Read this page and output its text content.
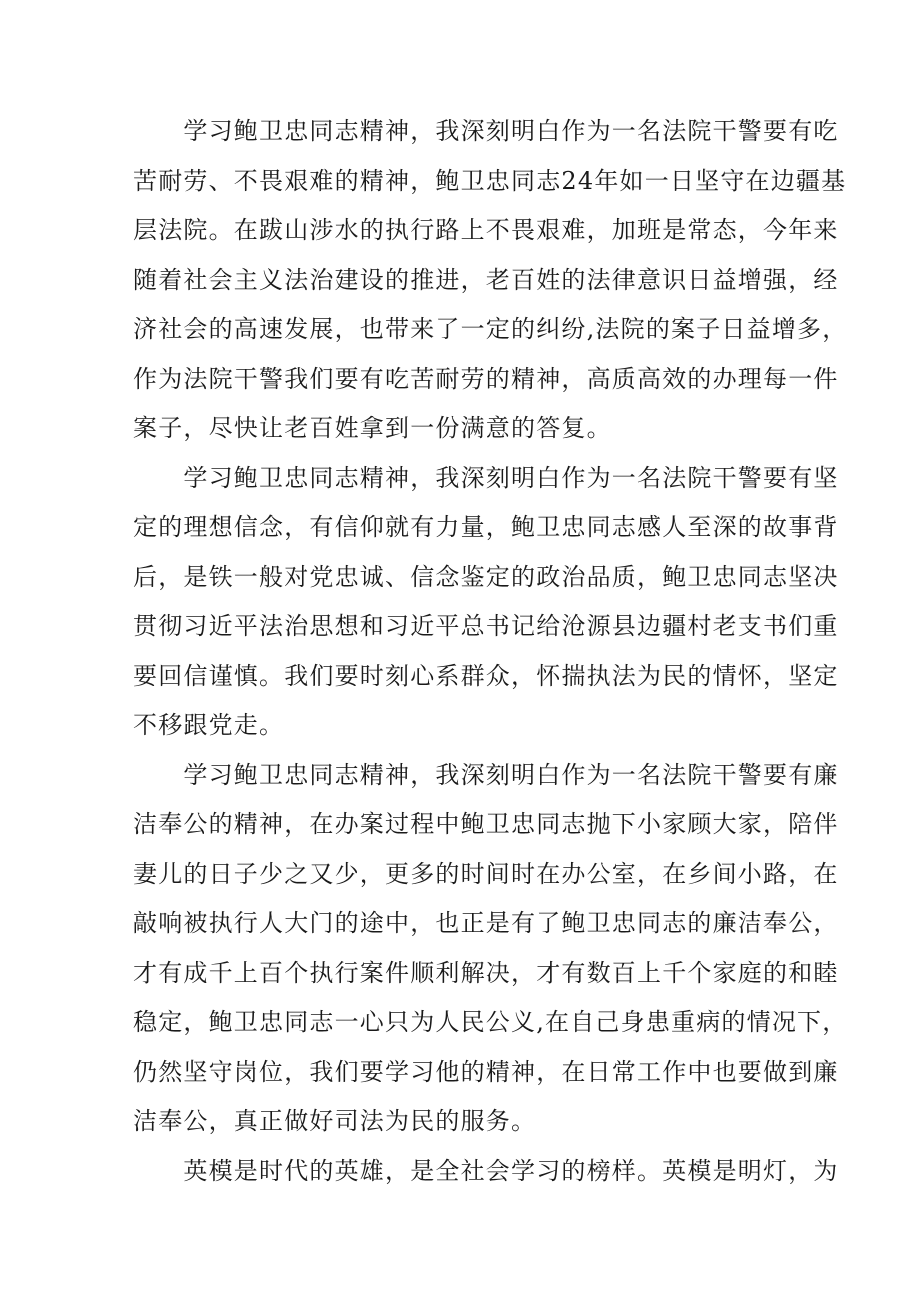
　　学习鲍卫忠同志精神，我深刻明白作为一名法院干警要有吃
苦耐劳、不畏艰难的精神，鲍卫忠同志24年如一日坚守在边疆基
层法院。在跋山涉水的执行路上不畏艰难，加班是常态，今年来
随着社会主义法治建设的推进，老百姓的法律意识日益增强，经
济社会的高速发展，也带来了一定的纠纷,法院的案子日益增多，
作为法院干警我们要有吃苦耐劳的精神，高质高效的办理每一件
案子，尽快让老百姓拿到一份满意的答复。
　　学习鲍卫忠同志精神，我深刻明白作为一名法院干警要有坚
定的理想信念，有信仰就有力量，鲍卫忠同志感人至深的故事背
后，是铁一般对党忠诚、信念鉴定的政治品质，鲍卫忠同志坚决
贯彻习近平法治思想和习近平总书记给沧源县边疆村老支书们重
要回信谨慎。我们要时刻心系群众，怀揣执法为民的情怀，坚定
不移跟党走。
　　学习鲍卫忠同志精神，我深刻明白作为一名法院干警要有廉
洁奉公的精神，在办案过程中鲍卫忠同志抛下小家顾大家，陪伴
妻儿的日子少之又少，更多的时间时在办公室，在乡间小路，在
敲响被执行人大门的途中，也正是有了鲍卫忠同志的廉洁奉公，
才有成千上百个执行案件顺利解决，才有数百上千个家庭的和睦
稳定，鲍卫忠同志一心只为人民公义,在自己身患重病的情况下，
仍然坚守岗位，我们要学习他的精神，在日常工作中也要做到廉
洁奉公，真正做好司法为民的服务。
　　英模是时代的英雄，是全社会学习的榜样。英模是明灯，为
